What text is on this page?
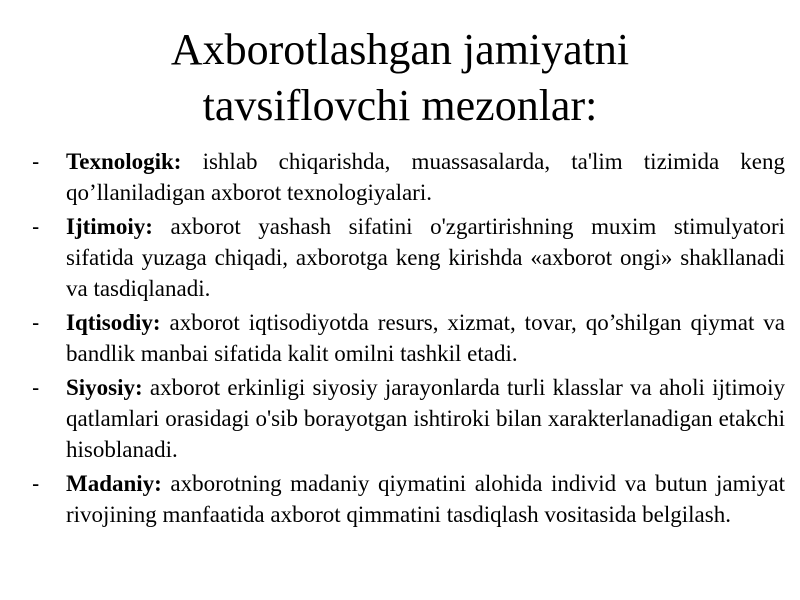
Axborotlashgan jamiyatni
tavsiflovchi mezonlar:
- Texnologik: ishlab chiqarishda, muassasalarda, ta'lim tizimida keng qo’llaniladigan axborot texnologiyalari.
- Ijtimoiy: axborot yashash sifatini o'zgartirishning muxim stimulyatori sifatida yuzaga chiqadi, axborotga keng kirishda «axborot ongi» shakllanadi va tasdiqlanadi.
- Iqtisodiy: axborot iqtisodiyotda resurs, xizmat, tovar, qo’shilgan qiymat va bandlik manbai sifatida kalit omilni tashkil etadi.
- Siyosiy: axborot erkinligi siyosiy jarayonlarda turli klasslar va aholi ijtimoiy qatlamlari orasidagi o'sib borayotgan ishtiroki bilan xarakterlanadigan etakchi hisoblanadi.
- Madaniy: axborotning madaniy qiymatini alohida individ va butun jamiyat rivojining manfaatida axborot qimmatini tasdiqlash vositasida belgilash.
